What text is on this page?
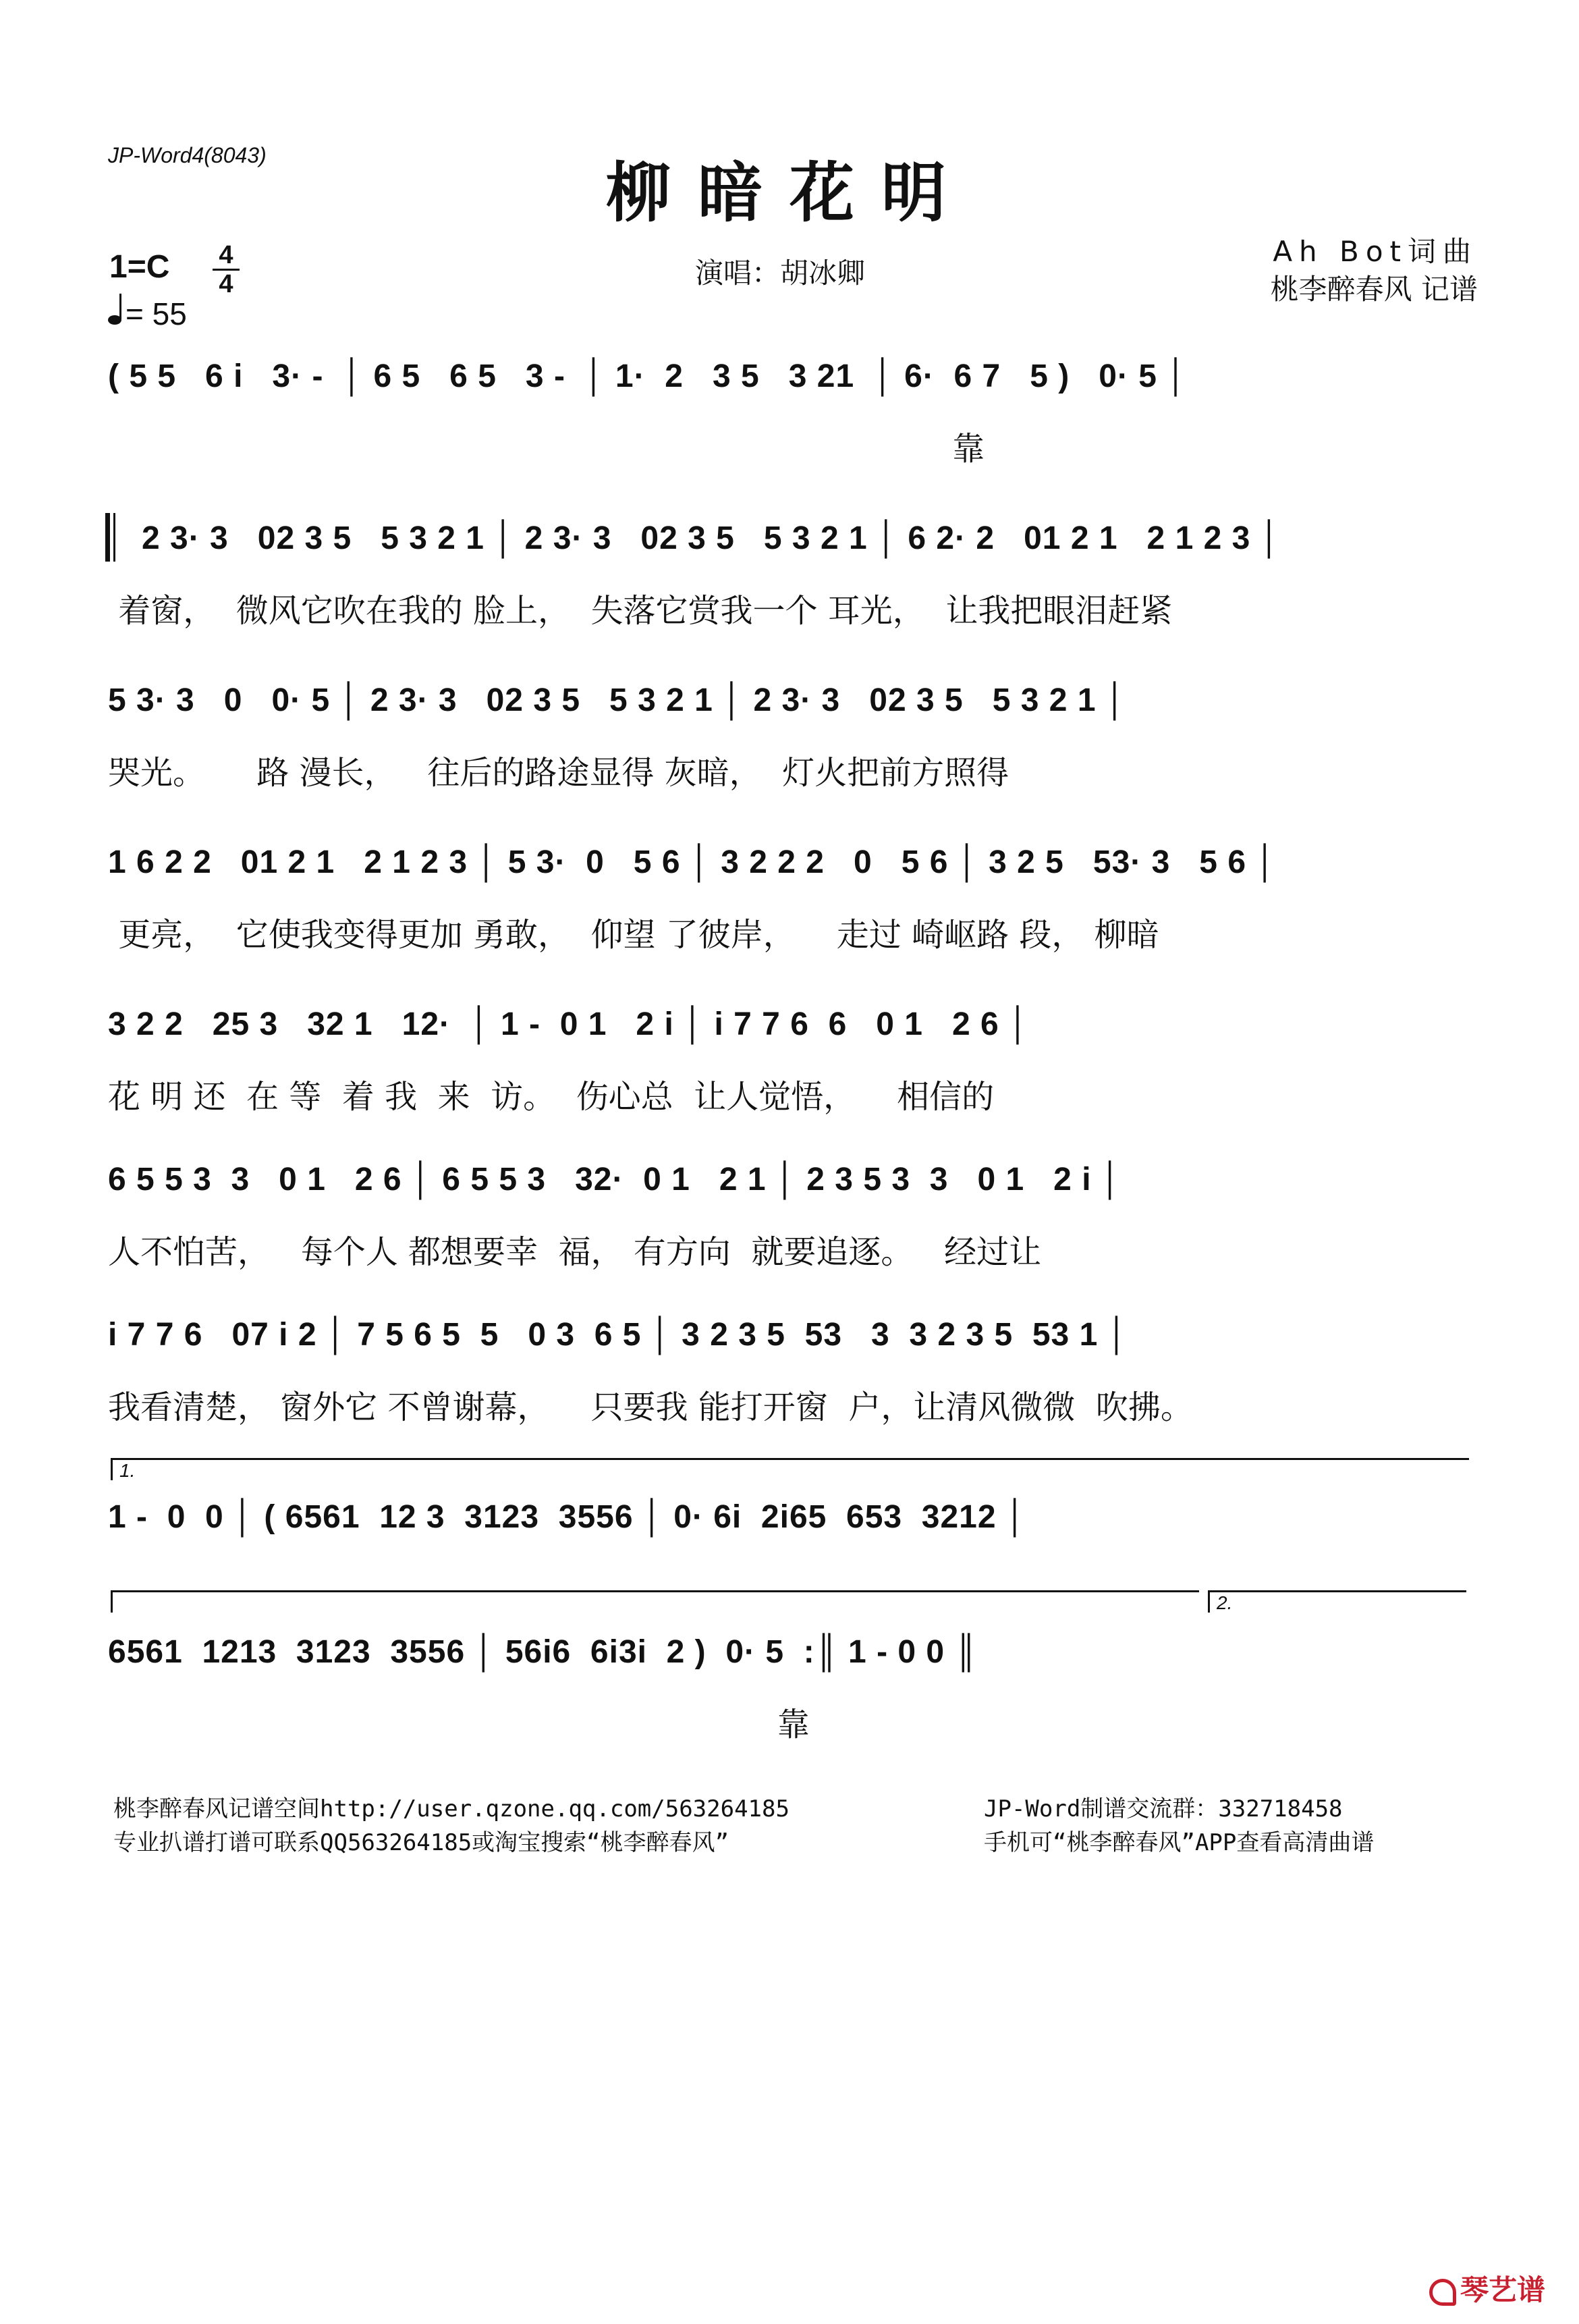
JP-Word4(8043)	柳暗花明
演唱：胡冰卿
Ah Bot词曲
桃李醉春风 记谱
1=C 4
4
= 55
( 5 5   6 i   3· -  │ 6 5   6 5   3 -  │ 1·  2   3 5   3 21  │ 6·  6 7   5 )   0· 5 │
靠
2 3· 3   02 3 5   5 3 2 1 │ 2 3· 3   02 3 5   5 3 2 1 │ 6 2· 2   01 2 1   2 1 2 3 │
着窗，  微风它吹在我的 脸上，  失落它赏我一个 耳光，  让我把眼泪赶紧
5 3· 3   0   0· 5 │ 2 3· 3   02 3 5   5 3 2 1 │ 2 3· 3   02 3 5   5 3 2 1 │
哭光。     路 漫长，   往后的路途显得 灰暗，  灯火把前方照得
1 6 2 2   01 2 1   2 1 2 3 │ 5 3·  0   5 6 │ 3 2 2 2   0   5 6 │ 3 2 5   53· 3   5 6 │
更亮，  它使我变得更加 勇敢，  仰望 了彼岸，    走过 崎岖路 段， 柳暗
3 2 2   25 3   32 1   12·  │ 1 -  0 1   2 i │ i 7 7 6  6   0 1   2 6 │
花 明 还  在 等  着 我  来  访。  伤心总  让人觉悟，    相信的
6 5 5 3  3   0 1   2 6 │ 6 5 5 3   32·  0 1   2 1 │ 2 3 5 3  3   0 1   2 i │
人不怕苦，   每个人 都想要幸  福， 有方向  就要追逐。   经过让
i 7 7 6   07 i 2 │ 7 5 6 5  5   0 3  6 5 │ 3 2 3 5  53   3  3 2 3 5  53 1 │
我看清楚， 窗外它 不曾谢幕，    只要我 能打开窗  户，让清风微微  吹拂。
1.
1 -  0  0 │ ( 6561  12 3  3123  3556 │ 0· 6i  2i65  653  3212 │
2.
6561  1213  3123  3556 │ 56i6  6i3i  2 )  0· 5  :║ 1 - 0 0 ║
靠
桃李醉春风记谱空间http://user.qzone.qq.com/563264185
专业扒谱打谱可联系QQ563264185或淘宝搜索“桃李醉春风”
JP-Word制谱交流群：332718458
手机可“桃李醉春风”APP查看高清曲谱
琴艺谱
